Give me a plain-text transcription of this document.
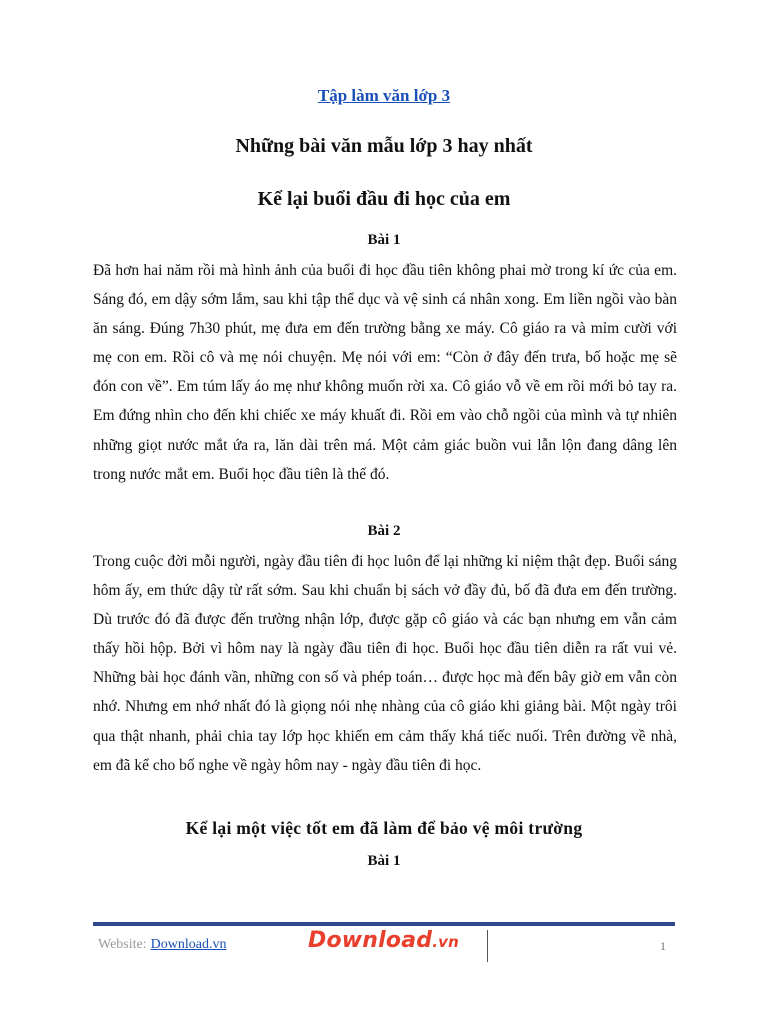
Tập làm văn lớp 3
Những bài văn mẫu lớp 3 hay nhất
Kể lại buổi đầu đi học của em
Bài 1

Đã hơn hai năm rồi mà hình ảnh của buổi đi học đầu tiên không phai mờ trong kí ức của em. Sáng đó, em dậy sớm lắm, sau khi tập thể dục và vệ sinh cá nhân xong. Em liền ngồi vào bàn ăn sáng. Đúng 7h30 phút, mẹ đưa em đến trường bằng xe máy. Cô giáo ra và mỉm cười với mẹ con em. Rồi cô và mẹ nói chuyện. Mẹ nói với em: “Còn ở đây đến trưa, bố hoặc mẹ sẽ đón con về”. Em túm lấy áo mẹ như không muốn rời xa. Cô giáo vỗ về em rồi mới bỏ tay ra. Em đứng nhìn cho đến khi chiếc xe máy khuất đi. Rồi em vào chỗ ngồi của mình và tự nhiên những giọt nước mắt ứa ra, lăn dài trên má. Một cảm giác buồn vui lẫn lộn đang dâng lên trong nước mắt em. Buổi học đầu tiên là thế đó.

Bài 2

Trong cuộc đời mỗi người, ngày đầu tiên đi học luôn để lại những kỉ niệm thật đẹp. Buổi sáng hôm ấy, em thức dậy từ rất sớm. Sau khi chuẩn bị sách vở đầy đủ, bố đã đưa em đến trường. Dù trước đó đã được đến trường nhận lớp, được gặp cô giáo và các bạn nhưng em vẫn cảm thấy hồi hộp. Bởi vì hôm nay là ngày đầu tiên đi học. Buổi học đầu tiên diễn ra rất vui vẻ. Những bài học đánh vần, những con số và phép toán… được học mà đến bây giờ em vẫn còn nhớ. Nhưng em nhớ nhất đó là giọng nói nhẹ nhàng của cô giáo khi giảng bài. Một ngày trôi qua thật nhanh, phải chia tay lớp học khiến em cảm thấy khá tiếc nuối. Trên đường về nhà, em đã kể cho bố nghe về ngày hôm nay - ngày đầu tiên đi học.

Kể lại một việc tốt em đã làm để bảo vệ môi trường
Bài 1
Website: Download.vn	Download.vn	1
